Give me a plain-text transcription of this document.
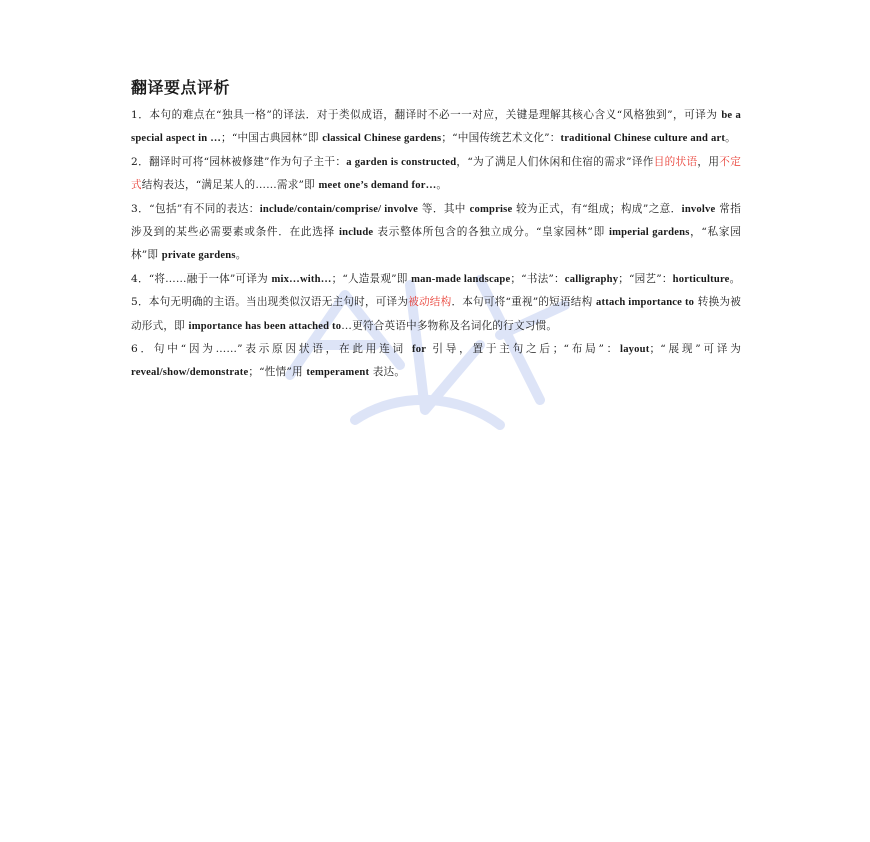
翻译要点评析

1．本句的难点在“独具一格”的译法．对于类似成语，翻译时不必一一对应，关键是理解其核心含义“风格独到”，可译为 be a special aspect in …；“中国古典园林”即 classical Chinese gardens；“中国传统艺术文化”：traditional Chinese culture and art。

2．翻译时可将“园林被修建”作为句子主干：a garden is constructed，“为了满足人们休闲和住宿的需求”译作目的状语，用不定式结构表达，“满足某人的……需求”即 meet one’s demand for…。

3．“包括”有不同的表达：include/contain/comprise/ involve 等．其中 comprise 较为正式，有“组成；构成”之意．involve 常指涉及到的某些必需要素或条件．在此选择 include 表示整体所包含的各独立成分。“皇家园林”即 imperial gardens，“私家园林”即 private gardens。

4．“将……融于一体”可译为 mix…with…；“人造景观”即 man-made landscape；“书法”：calligraphy；“园艺”：horticulture。

5．本句无明确的主语。当出现类似汉语无主句时，可译为被动结构．本句可将“重视”的短语结构 attach importance to 转换为被动形式，即 importance has been attached to…更符合英语中多物称及名词化的行文习惯。

6．句中“因为……”表示原因状语，在此用连词 for 引导，置于主句之后；“布局”：layout；“展现”可译为 reveal/show/demonstrate；“性情”用 temperament 表达。
